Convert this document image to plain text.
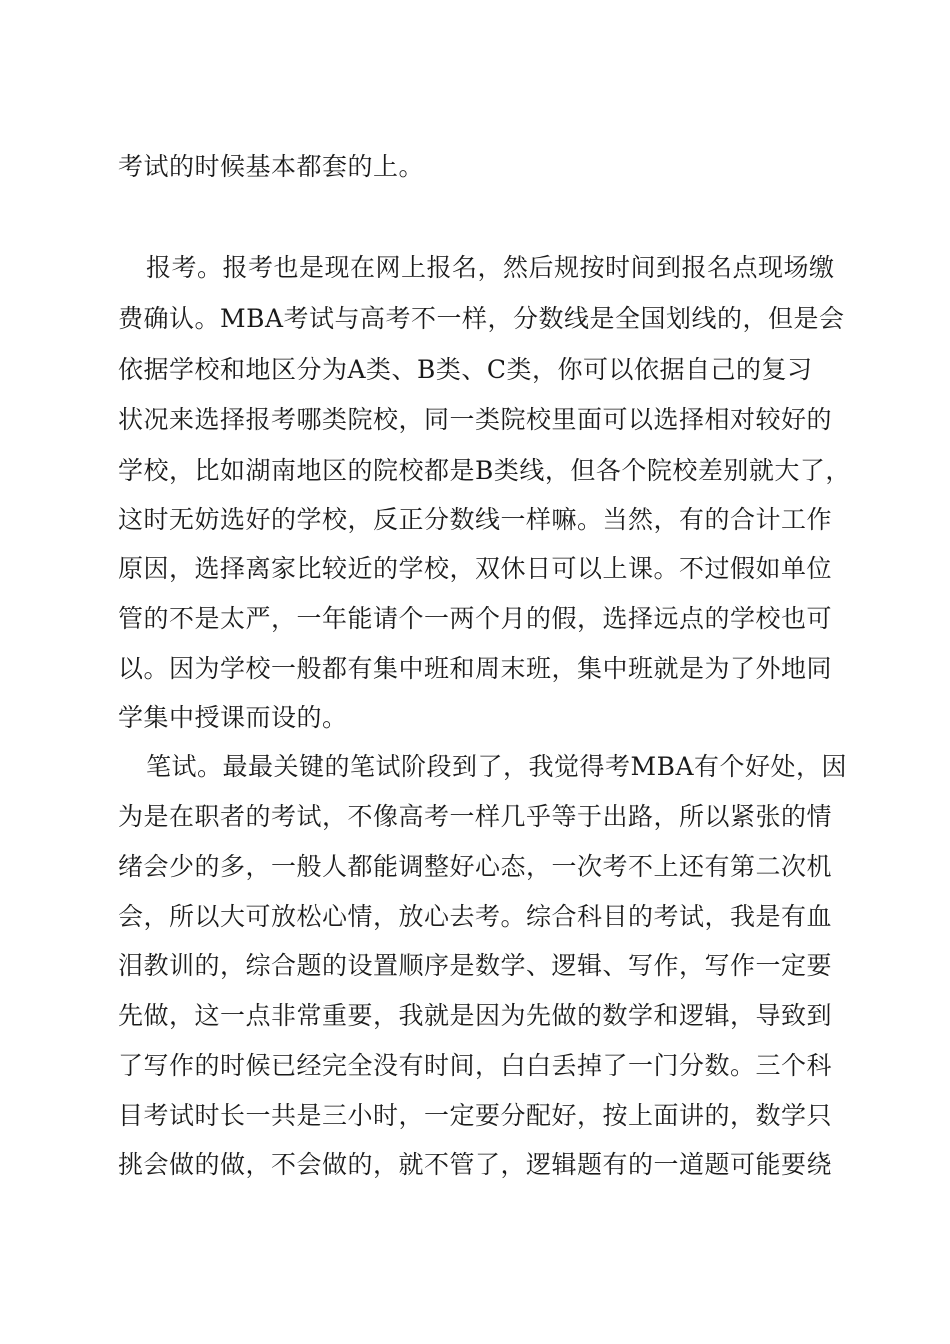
考试的时候基本都套的上。
报考。报考也是现在网上报名，然后规按时间到报名点现场缴
费确认。MBA考试与高考不一样，分数线是全国划线的，但是会
依据学校和地区分为A类、B类、C类，你可以依据自己的复习
状况来选择报考哪类院校，同一类院校里面可以选择相对较好的
学校，比如湖南地区的院校都是B类线，但各个院校差别就大了，
这时无妨选好的学校，反正分数线一样嘛。当然，有的合计工作
原因，选择离家比较近的学校，双休日可以上课。不过假如单位
管的不是太严，一年能请个一两个月的假，选择远点的学校也可
以。因为学校一般都有集中班和周末班，集中班就是为了外地同
学集中授课而设的。
笔试。最最关键的笔试阶段到了，我觉得考MBA有个好处，因
为是在职者的考试，不像高考一样几乎等于出路，所以紧张的情
绪会少的多，一般人都能调整好心态，一次考不上还有第二次机
会，所以大可放松心情，放心去考。综合科目的考试，我是有血
泪教训的，综合题的设置顺序是数学、逻辑、写作，写作一定要
先做，这一点非常重要，我就是因为先做的数学和逻辑，导致到
了写作的时候已经完全没有时间，白白丢掉了一门分数。三个科
目考试时长一共是三小时，一定要分配好，按上面讲的，数学只
挑会做的做，不会做的，就不管了，逻辑题有的一道题可能要绕
